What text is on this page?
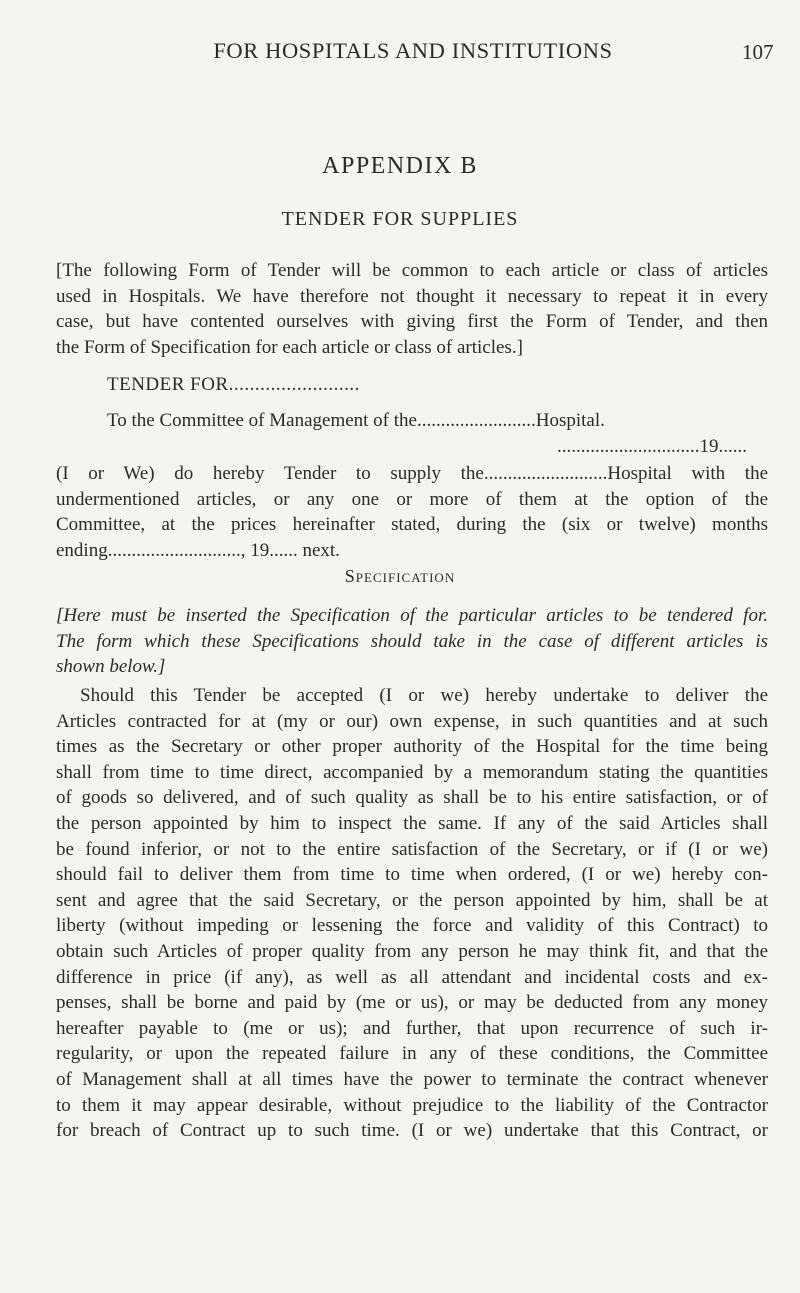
FOR HOSPITALS AND INSTITUTIONS	107
APPENDIX B
TENDER FOR SUPPLIES
[The following Form of Tender will be common to each article or class of articles
used in Hospitals. We have therefore not thought it necessary to repeat it in every
case, but have contented ourselves with giving first the Form of Tender, and then
the Form of Specification for each article or class of articles.]
TENDER FOR.........................
To the Committee of Management of the.........................Hospital.
..............................19......
(I or We) do hereby Tender to supply the..........................Hospital with the
undermentioned articles, or any one or more of them at the option of the
Committee, at the prices hereinafter stated, during the (six or twelve) months
ending............................, 19...... next.
Specification
[Here must be inserted the Specification of the particular articles to be tendered for.
The form which these Specifications should take in the case of different articles is
shown below.]
Should this Tender be accepted (I or we) hereby undertake to deliver the
Articles contracted for at (my or our) own expense, in such quantities and at such
times as the Secretary or other proper authority of the Hospital for the time being
shall from time to time direct, accompanied by a memorandum stating the quantities
of goods so delivered, and of such quality as shall be to his entire satisfaction, or of
the person appointed by him to inspect the same. If any of the said Articles shall
be found inferior, or not to the entire satisfaction of the Secretary, or if (I or we)
should fail to deliver them from time to time when ordered, (I or we) hereby con-
sent and agree that the said Secretary, or the person appointed by him, shall be at
liberty (without impeding or lessening the force and validity of this Contract) to
obtain such Articles of proper quality from any person he may think fit, and that the
difference in price (if any), as well as all attendant and incidental costs and ex-
penses, shall be borne and paid by (me or us), or may be deducted from any money
hereafter payable to (me or us); and further, that upon recurrence of such ir-
regularity, or upon the repeated failure in any of these conditions, the Committee
of Management shall at all times have the power to terminate the contract whenever
to them it may appear desirable, without prejudice to the liability of the Contractor
for breach of Contract up to such time. (I or we) undertake that this Contract, or
